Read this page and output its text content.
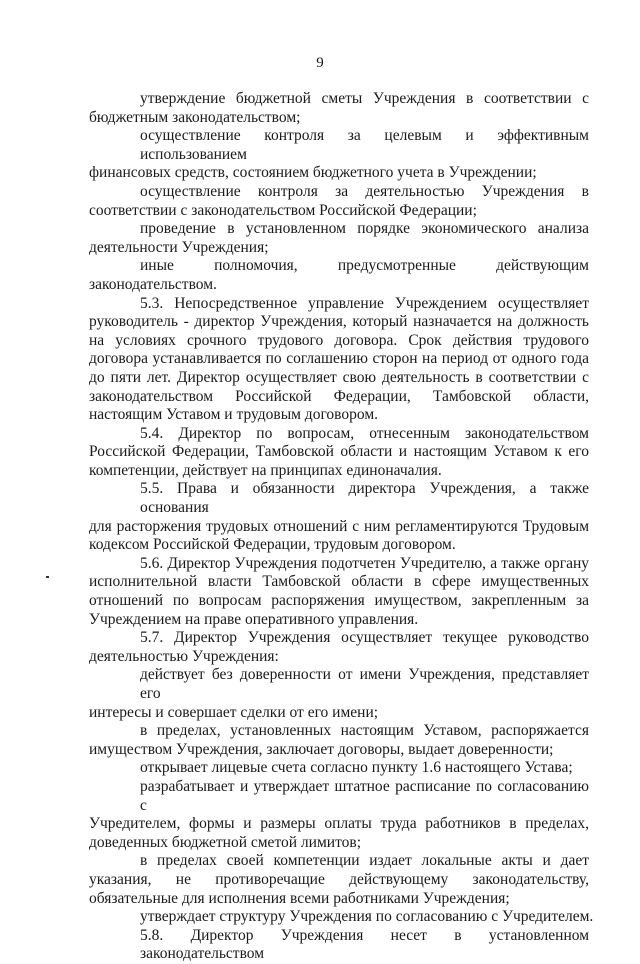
9
утверждение бюджетной сметы Учреждения в соответствии с
бюджетным законодательством;
осуществление контроля за целевым и эффективным использованием
финансовых средств, состоянием бюджетного учета в Учреждении;
осуществление контроля за деятельностью Учреждения в
соответствии с законодательством Российской Федерации;
проведение в установленном порядке экономического анализа
деятельности Учреждения;
иные полномочия, предусмотренные действующим
законодательством.
5.3. Непосредственное управление Учреждением осуществляет
руководитель - директор Учреждения, который назначается на должность
на условиях срочного трудового договора. Срок действия трудового
договора устанавливается по соглашению сторон на период от одного года
до пяти лет. Директор осуществляет свою деятельность в соответствии с
законодательством Российской Федерации, Тамбовской области,
настоящим Уставом и трудовым договором.
5.4. Директор по вопросам, отнесенным законодательством
Российской Федерации, Тамбовской области и настоящим Уставом к его
компетенции, действует на принципах единоначалия.
5.5. Права и обязанности директора Учреждения, а также основания
для расторжения трудовых отношений с ним регламентируются Трудовым
кодексом Российской Федерации, трудовым договором.
5.6. Директор Учреждения подотчетен Учредителю, а также органу
исполнительной власти Тамбовской области в сфере имущественных
отношений по вопросам распоряжения имуществом, закрепленным за
Учреждением на праве оперативного управления.
5.7. Директор Учреждения осуществляет текущее руководство
деятельностью Учреждения:
действует без доверенности от имени Учреждения, представляет его
интересы и совершает сделки от его имени;
в пределах, установленных настоящим Уставом, распоряжается
имуществом Учреждения, заключает договоры, выдает доверенности;
открывает лицевые счета согласно пункту 1.6 настоящего Устава;
разрабатывает и утверждает штатное расписание по согласованию с
Учредителем, формы и размеры оплаты труда работников в пределах,
доведенных бюджетной сметой лимитов;
в пределах своей компетенции издает локальные акты и дает
указания, не противоречащие действующему законодательству,
обязательные для исполнения всеми работниками Учреждения;
утверждает структуру Учреждения по согласованию с Учредителем.
5.8. Директор Учреждения несет в установленном законодательством
